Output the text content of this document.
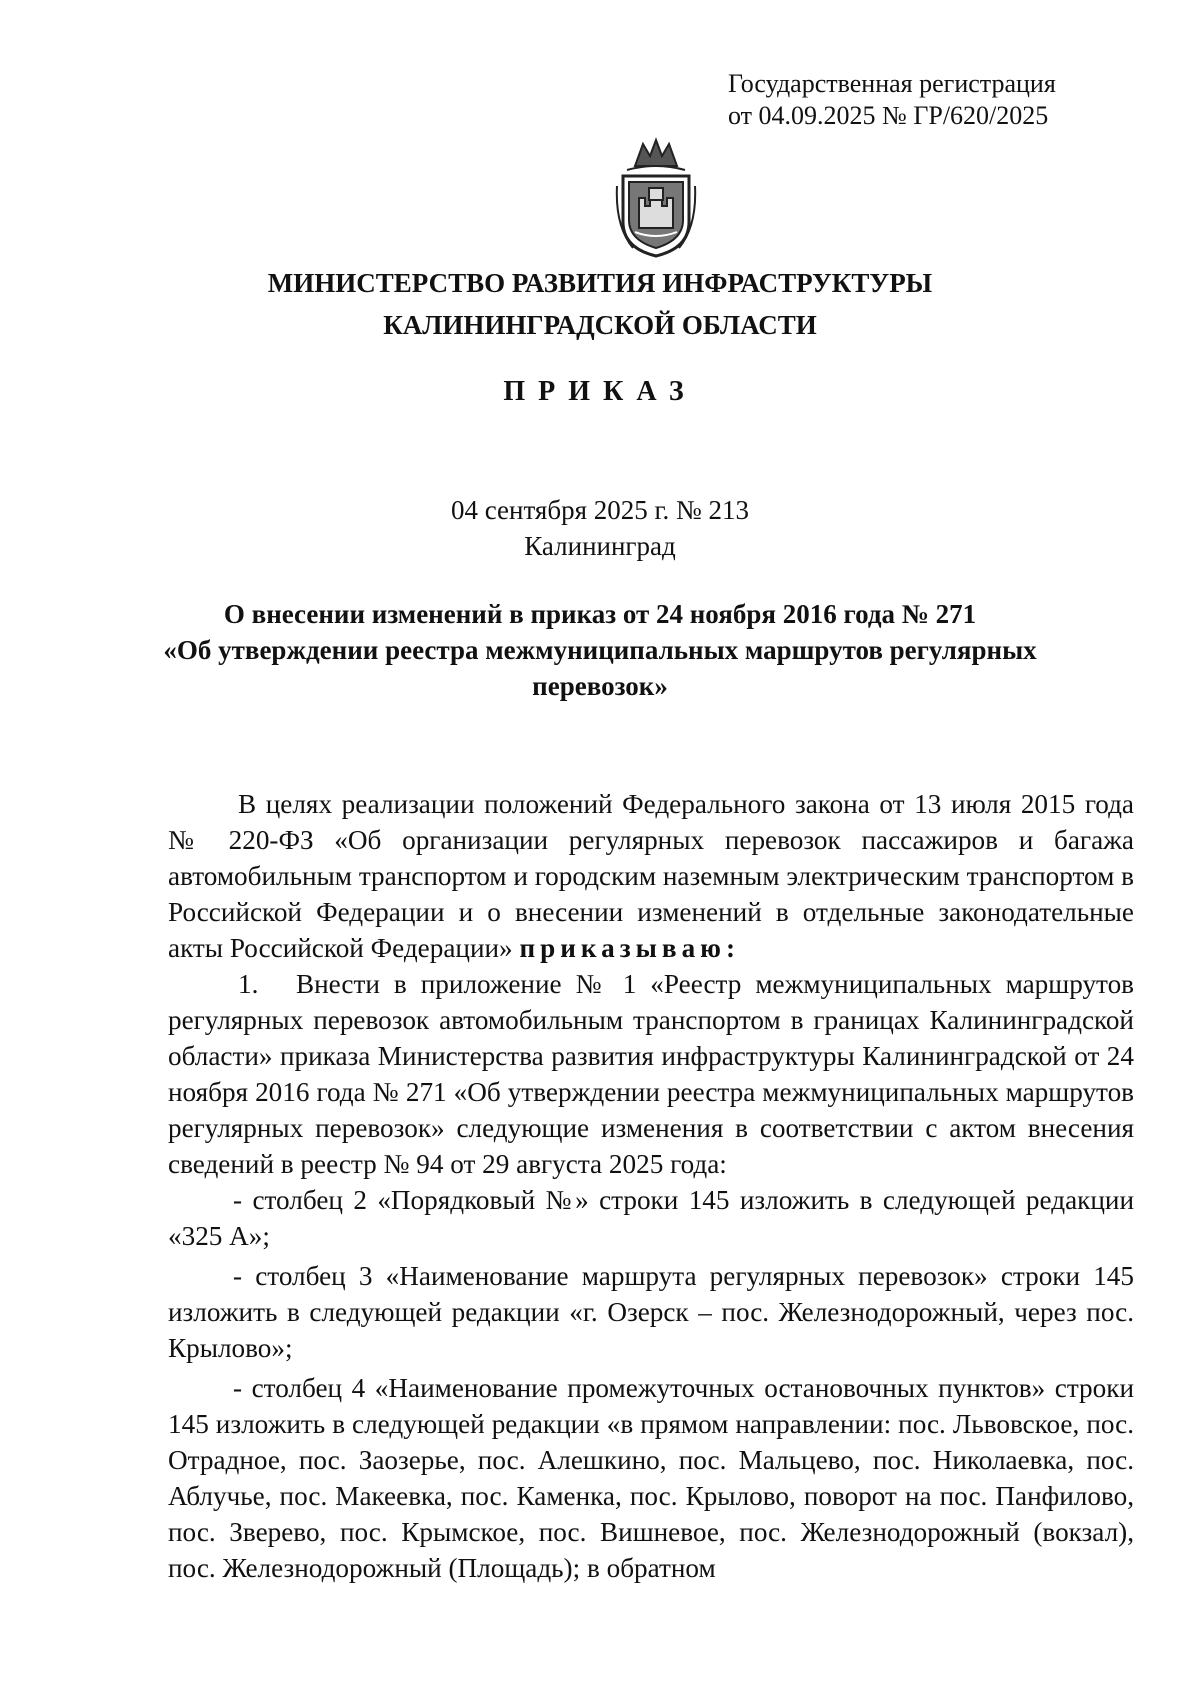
Государственная регистрация
от 04.09.2025 № ГР/620/2025
МИНИСТЕРСТВО РАЗВИТИЯ ИНФРАСТРУКТУРЫ
КАЛИНИНГРАДСКОЙ ОБЛАСТИ
ПРИКАЗ
04 сентября 2025 г. № 213
Калининград
О внесении изменений в приказ от 24 ноября 2016 года № 271
«Об утверждении реестра межмуниципальных маршрутов регулярных
перевозок»

В целях реализации положений Федерального закона от 13 июля 2015 года № 220-ФЗ «Об организации регулярных перевозок пассажиров и багажа автомобильным транспортом и городским наземным электрическим транспортом в Российской Федерации и о внесении изменений в отдельные законодательные акты Российской Федерации» приказываю:

1. Внести в приложение № 1 «Реестр межмуниципальных маршрутов регулярных перевозок автомобильным транспортом в границах Калининградской области» приказа Министерства развития инфраструктуры Калининградской от 24 ноября 2016 года № 271 «Об утверждении реестра межмуниципальных маршрутов регулярных перевозок» следующие изменения в соответствии с актом внесения сведений в реестр № 94 от 29 августа 2025 года:

- столбец 2 «Порядковый №» строки 145 изложить в следующей редакции «325 А»;

- столбец 3 «Наименование маршрута регулярных перевозок» строки 145 изложить в следующей редакции «г. Озерск – пос. Железнодорожный, через пос. Крылово»;

- столбец 4 «Наименование промежуточных остановочных пунктов» строки 145 изложить в следующей редакции «в прямом направлении: пос. Львовское, пос. Отрадное, пос. Заозерье, пос. Алешкино, пос. Мальцево, пос. Николаевка, пос. Аблучье, пос. Макеевка, пос. Каменка, пос. Крылово, поворот на пос. Панфилово, пос. Зверево, пос. Крымское, пос. Вишневое, пос. Железнодорожный (вокзал), пос. Железнодорожный (Площадь); в обратном
